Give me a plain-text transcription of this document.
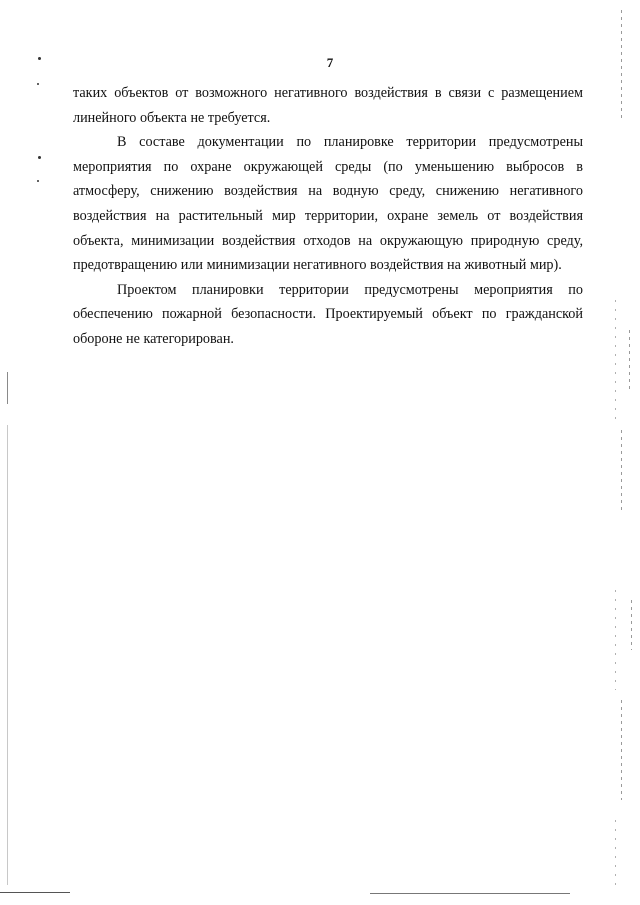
7

таких объектов от возможного негативного воздействия в связи с размещением линейного объекта не требуется.

В составе документации по планировке территории предусмотрены мероприятия по охране окружающей среды (по уменьшению выбросов в атмосферу, снижению воздействия на водную среду, снижению негативного воздействия на растительный мир территории, охране земель от воздействия объекта, минимизации воздействия отходов на окружающую природную среду, предотвращению или минимизации негативного воздействия на животный мир).

Проектом планировки территории предусмотрены мероприятия по обеспечению пожарной безопасности. Проектируемый объект по гражданской обороне не категорирован.
